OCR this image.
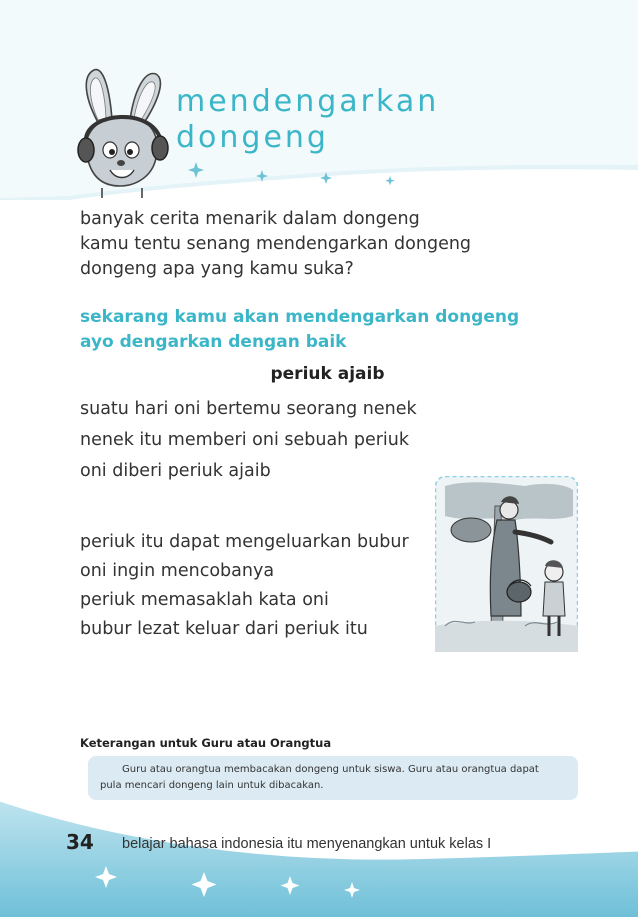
mendengarkan
dongeng
banyak cerita menarik dalam dongeng
kamu tentu senang mendengarkan dongeng
dongeng apa yang kamu suka?
sekarang kamu akan mendengarkan dongeng
ayo dengarkan dengan baik
periuk ajaib
suatu hari oni bertemu seorang nenek
nenek itu memberi oni sebuah periuk
oni diberi periuk ajaib
periuk itu dapat mengeluarkan bubur
oni ingin mencobanya
periuk memasaklah kata oni
bubur lezat keluar dari periuk itu
Keterangan untuk Guru atau Orangtua
Guru atau orangtua membacakan dongeng untuk siswa. Guru atau orangtua dapat
pula mencari dongeng lain untuk dibacakan.
34 belajar bahasa indonesia itu menyenangkan untuk kelas I
